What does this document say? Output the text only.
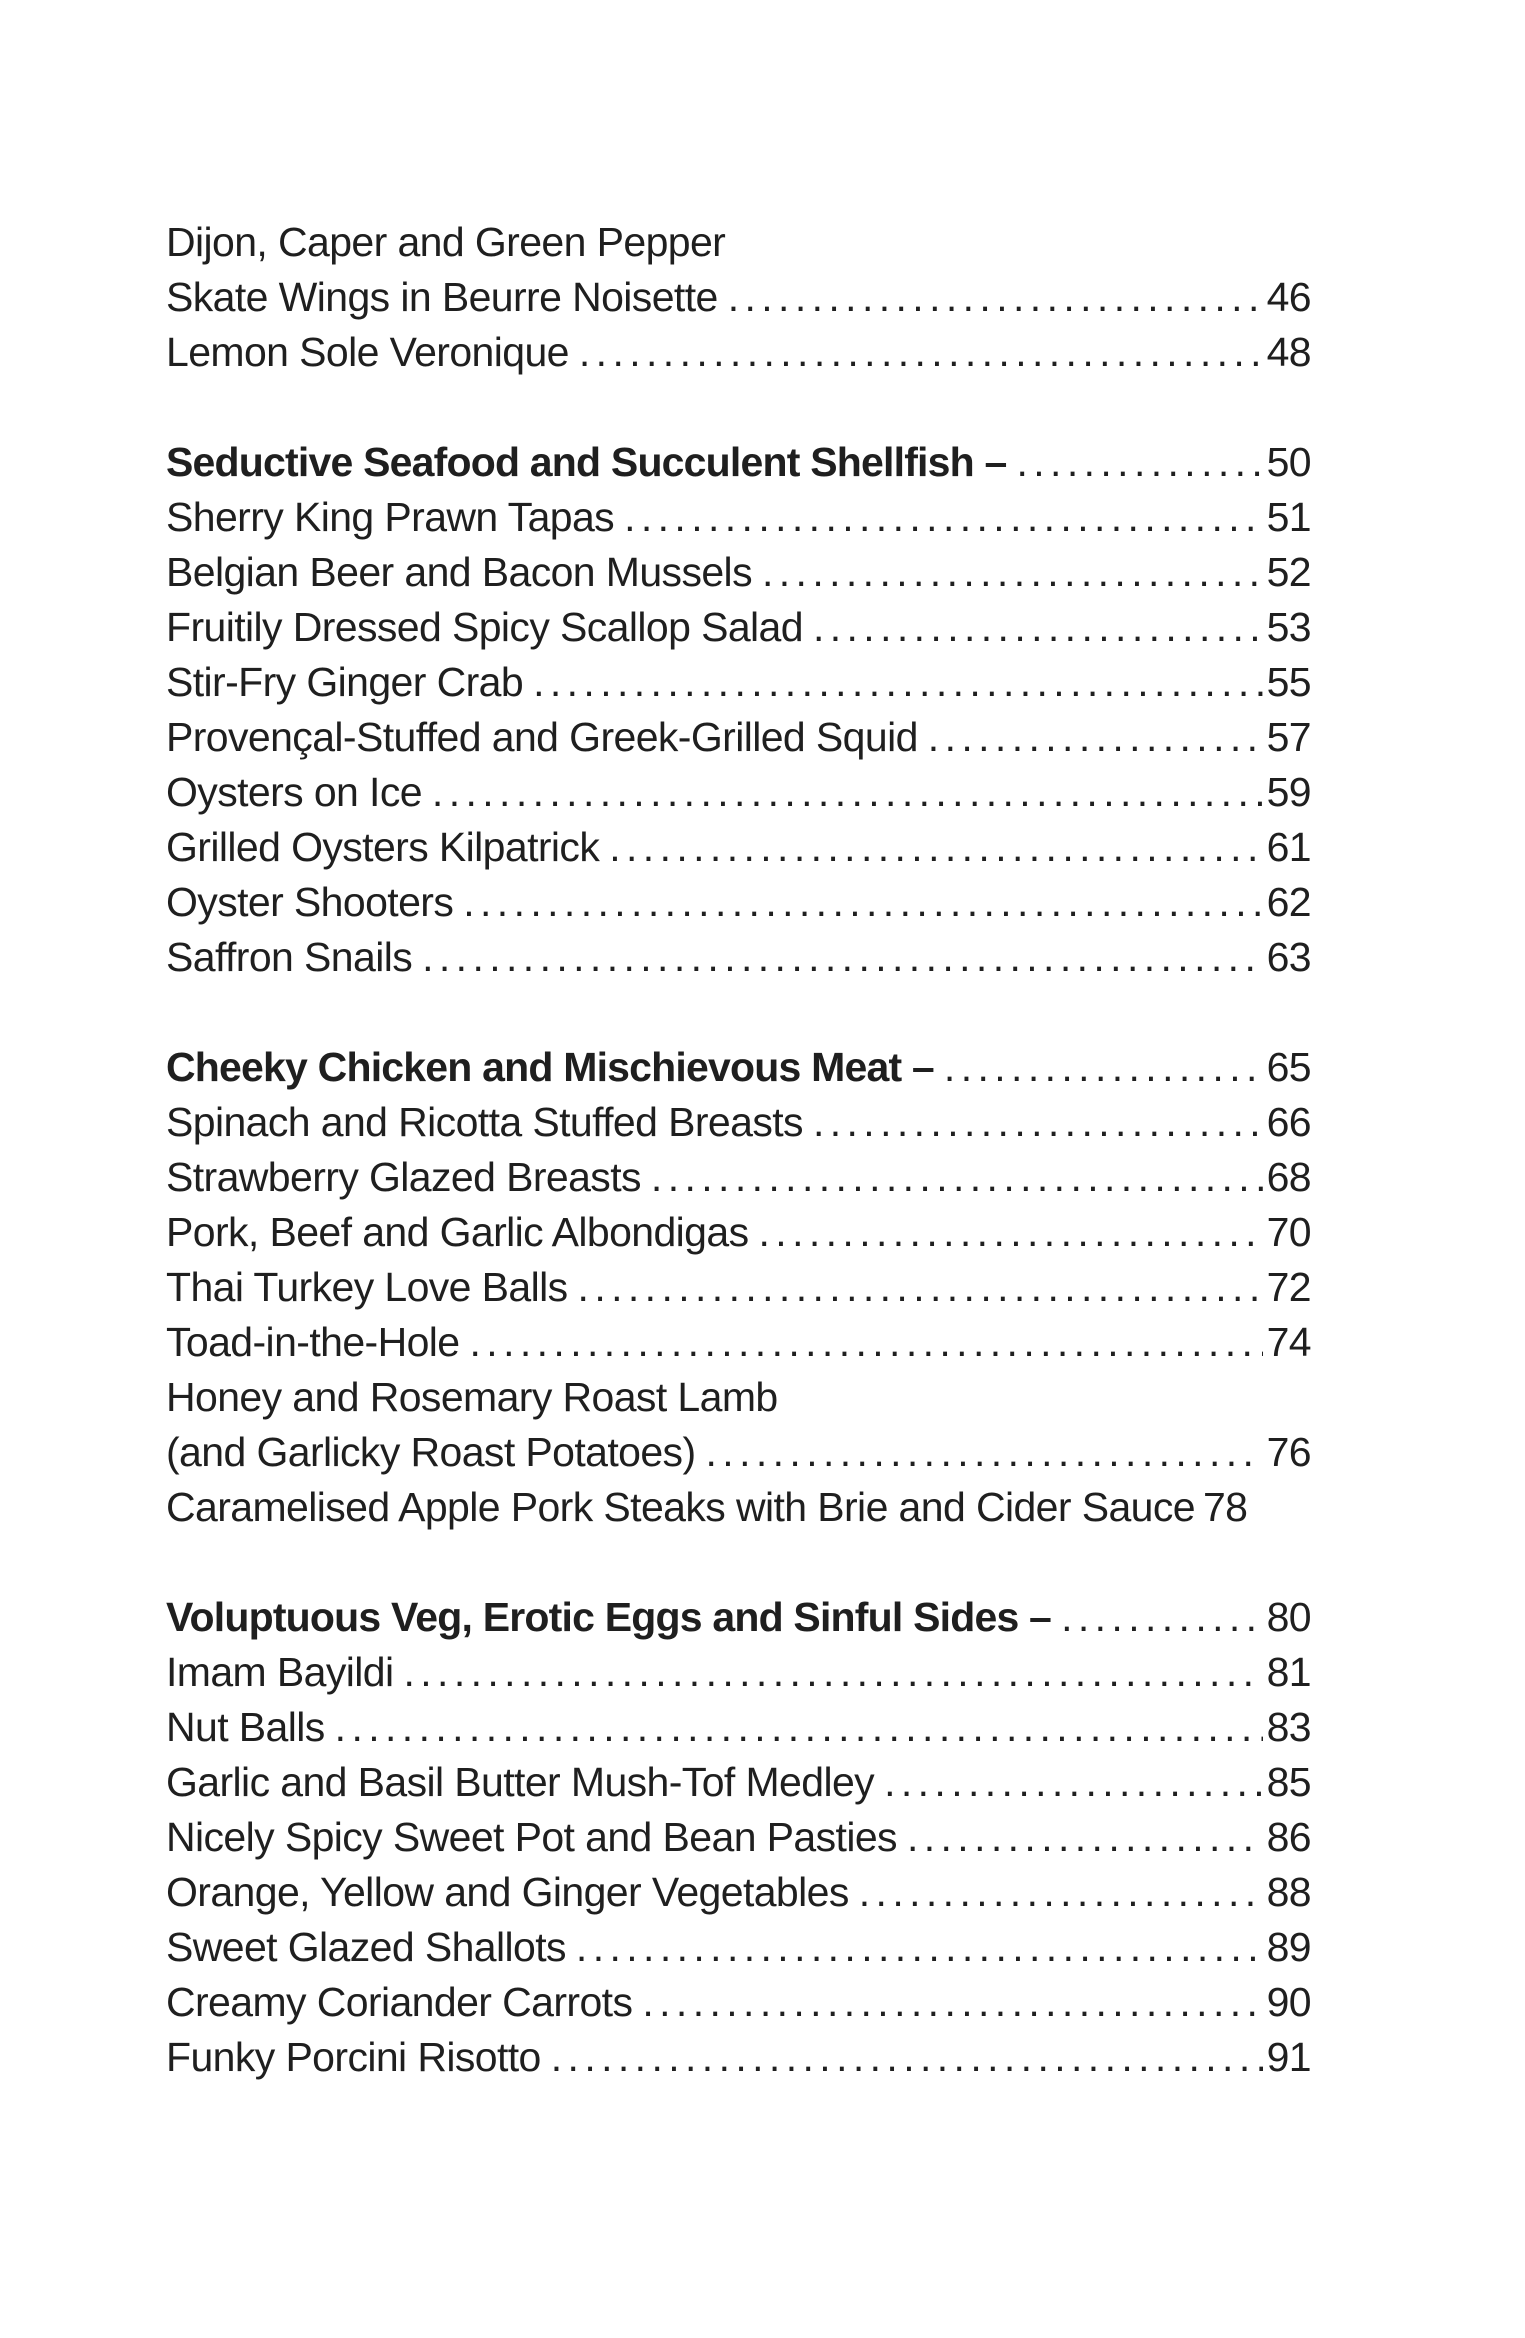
Dijon, Caper and Green Pepper
Skate Wings in Beurre Noisette . . .	46
Lemon Sole Veronique . . .	48
Seductive Seafood and Succulent Shellfish – . . .	50
Sherry King Prawn Tapas . . .	51
Belgian Beer and Bacon Mussels . . .	52
Fruitily Dressed Spicy Scallop Salad . . .	53
Stir-Fry Ginger Crab . . .	55
Provençal-Stuffed and Greek-Grilled Squid . . .	57
Oysters on Ice . . .	59
Grilled Oysters Kilpatrick . . .	61
Oyster Shooters . . .	62
Saffron Snails . . .	63
Cheeky Chicken and Mischievous Meat – . . .	65
Spinach and Ricotta Stuffed Breasts . . .	66
Strawberry Glazed Breasts . . .	68
Pork, Beef and Garlic Albondigas . . .	70
Thai Turkey Love Balls . . .	72
Toad-in-the-Hole . . .	74
Honey and Rosemary Roast Lamb
(and Garlicky Roast Potatoes) . . .	76
Caramelised Apple Pork Steaks with Brie and Cider Sauce 78
Voluptuous Veg, Erotic Eggs and Sinful Sides – . . .	80
Imam Bayildi . . .	81
Nut Balls . . .	83
Garlic and Basil Butter Mush-Tof Medley . . .	85
Nicely Spicy Sweet Pot and Bean Pasties . . .	86
Orange, Yellow and Ginger Vegetables . . .	88
Sweet Glazed Shallots . . .	89
Creamy Coriander Carrots . . .	90
Funky Porcini Risotto . . .	91
